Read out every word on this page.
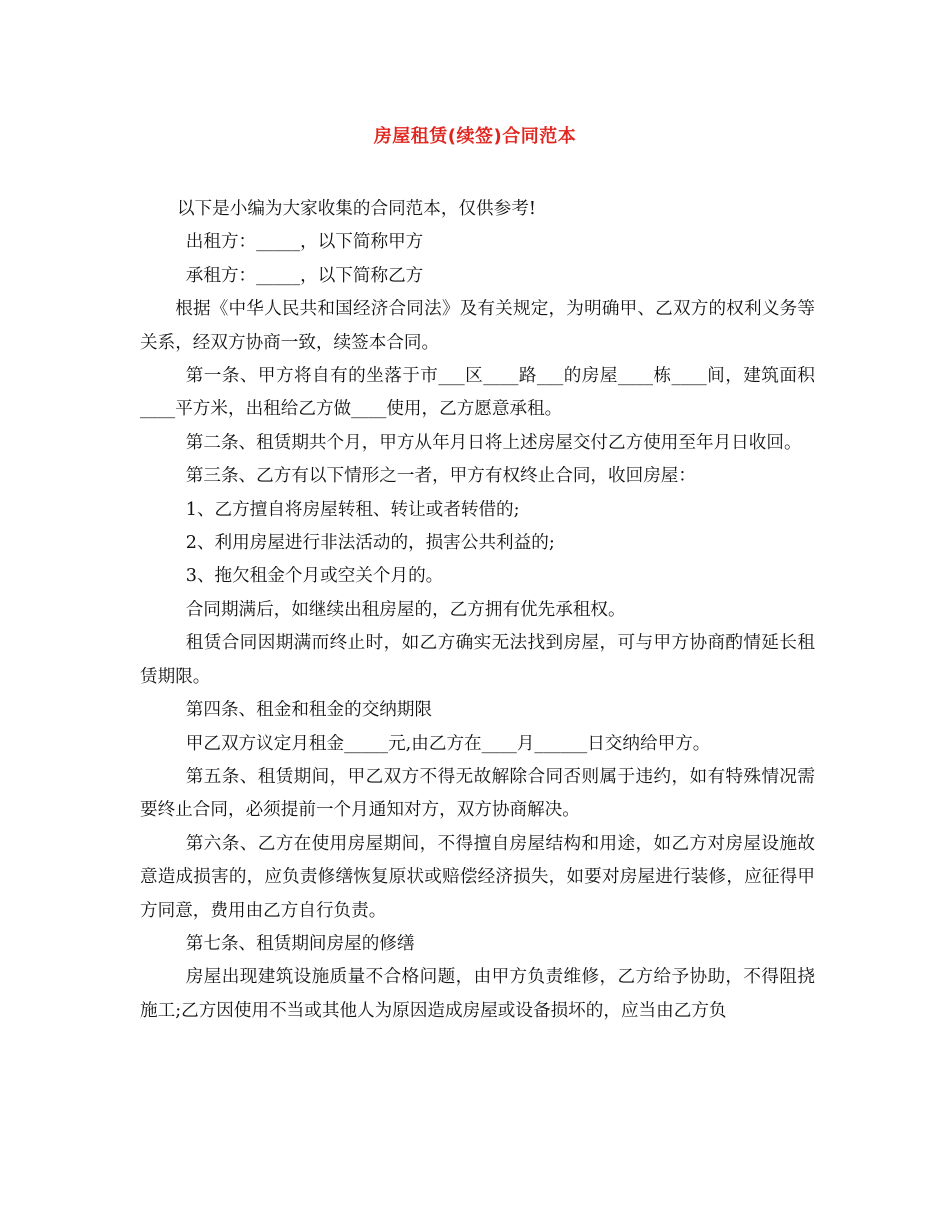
房屋租赁(续签)合同范本

以下是小编为大家收集的合同范本，仅供参考!

出租方：_____，以下简称甲方

承租方：_____，以下简称乙方

根据《中华人民共和国经济合同法》及有关规定，为明确甲、乙双方的权利义务等关系，经双方协商一致，续签本合同。

第一条、甲方将自有的坐落于市___区____路___的房屋____栋____间，建筑面积____平方米，出租给乙方做____使用，乙方愿意承租。

第二条、租赁期共个月，甲方从年月日将上述房屋交付乙方使用至年月日收回。

第三条、乙方有以下情形之一者，甲方有权终止合同，收回房屋：

1、乙方擅自将房屋转租、转让或者转借的;

2、利用房屋进行非法活动的，损害公共利益的;

3、拖欠租金个月或空关个月的。

合同期满后，如继续出租房屋的，乙方拥有优先承租权。

租赁合同因期满而终止时，如乙方确实无法找到房屋，可与甲方协商酌情延长租赁期限。

第四条、租金和租金的交纳期限

甲乙双方议定月租金_____元,由乙方在____月______日交纳给甲方。

第五条、租赁期间，甲乙双方不得无故解除合同否则属于违约，如有特殊情况需要终止合同，必须提前一个月通知对方，双方协商解决。

第六条、乙方在使用房屋期间，不得擅自房屋结构和用途，如乙方对房屋设施故意造成损害的，应负责修缮恢复原状或赔偿经济损失，如要对房屋进行装修，应征得甲方同意，费用由乙方自行负责。

第七条、租赁期间房屋的修缮

房屋出现建筑设施质量不合格问题，由甲方负责维修，乙方给予协助，不得阻挠施工;乙方因使用不当或其他人为原因造成房屋或设备损坏的，应当由乙方负
